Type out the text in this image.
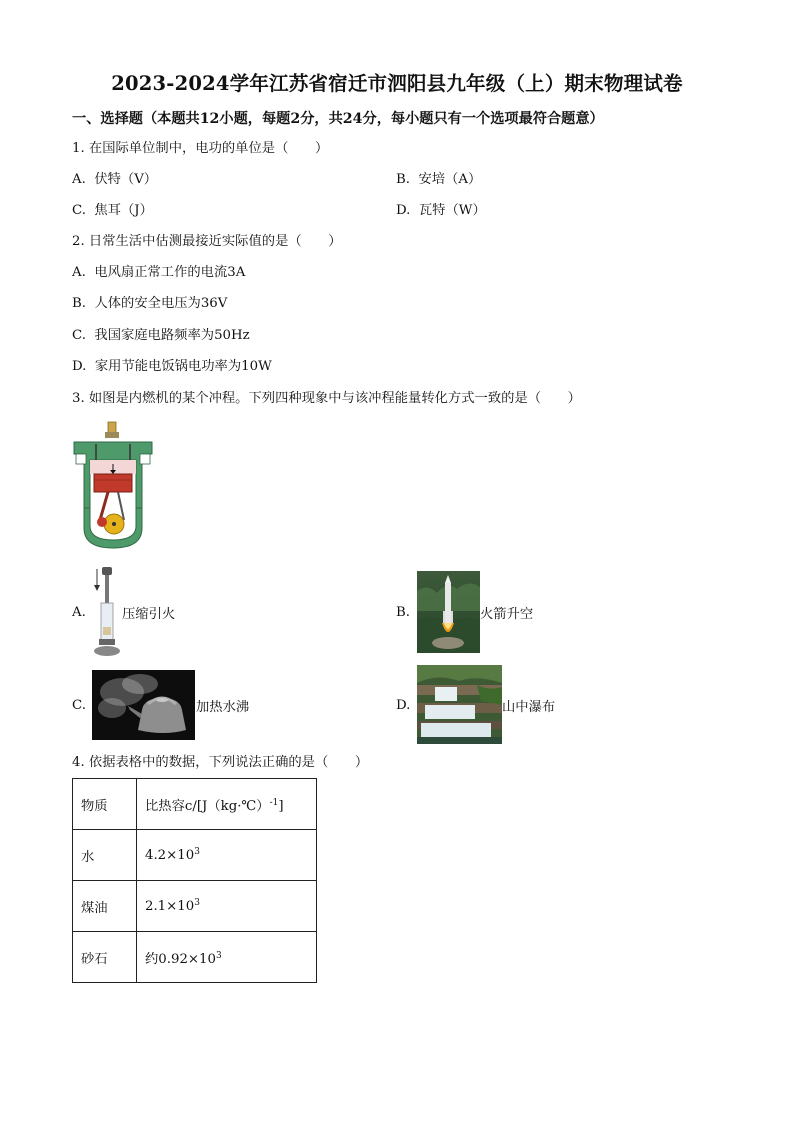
2023-2024学年江苏省宿迁市泗阳县九年级（上）期末物理试卷
一、选择题（本题共12小题，每题2分，共24分，每小题只有一个选项最符合题意）
1. 在国际单位制中，电功的单位是（　　）
A. 伏特（V）	B. 安培（A）
C. 焦耳（J）	D. 瓦特（W）
2. 日常生活中估测最接近实际值的是（　　）
A. 电风扇正常工作的电流3A
B. 人体的安全电压为36V
C. 我国家庭电路频率为50Hz
D. 家用节能电饭锅电功率为10W
3. 如图是内燃机的某个冲程。下列四种现象中与该冲程能量转化方式一致的是（　　）
A.	压缩引火	B.	火箭升空
C.	加热水沸	D.	山中瀑布
4. 依据表格中的数据，下列说法正确的是（　　）
物质	比热容c/[J（kg·℃）$^{-1}$]
水	$4.2\times 10^3$
煤油	$2.1\times 10^3$
砂石	约$0.92\times 10^3$
